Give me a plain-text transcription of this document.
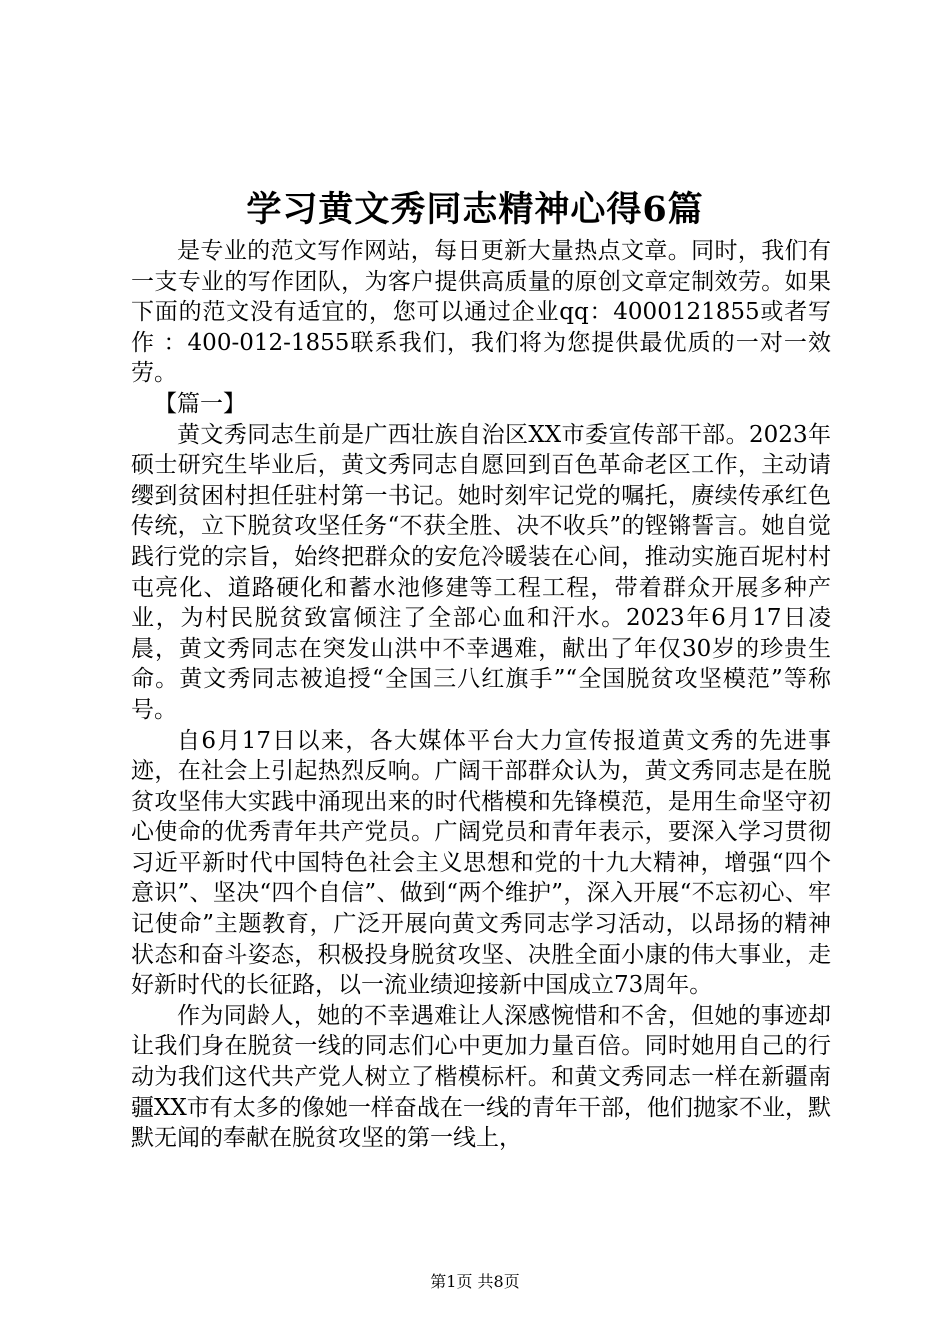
学习黄文秀同志精神心得6篇

是专业的范文写作网站，每日更新大量热点文章。同时，我们有一支专业的写作团队，为客户提供高质量的原创文章定制效劳。如果下面的范文没有适宜的，您可以通过企业qq：4000121855或者写作 ：400-012-1855联系我们，我们将为您提供最优质的一对一效劳。

【篇一】

黄文秀同志生前是广西壮族自治区XX市委宣传部干部。2023年硕士研究生毕业后，黄文秀同志自愿回到百色革命老区工作，主动请缨到贫困村担任驻村第一书记。她时刻牢记党的嘱托，赓续传承红色传统，立下脱贫攻坚任务“不获全胜、决不收兵”的铿锵誓言。她自觉践行党的宗旨，始终把群众的安危冷暖装在心间，推动实施百坭村村屯亮化、道路硬化和蓄水池修建等工程工程，带着群众开展多种产业，为村民脱贫致富倾注了全部心血和汗水。2023年6月17日凌晨，黄文秀同志在突发山洪中不幸遇难，献出了年仅30岁的珍贵生命。黄文秀同志被追授“全国三八红旗手”“全国脱贫攻坚模范”等称号。

自6月17日以来，各大媒体平台大力宣传报道黄文秀的先进事迹，在社会上引起热烈反响。广阔干部群众认为，黄文秀同志是在脱贫攻坚伟大实践中涌现出来的时代楷模和先锋模范，是用生命坚守初心使命的优秀青年共产党员。广阔党员和青年表示，要深入学习贯彻习近平新时代中国特色社会主义思想和党的十九大精神，增强“四个意识”、坚决“四个自信”、做到“两个维护”，深入开展“不忘初心、牢记使命”主题教育，广泛开展向黄文秀同志学习活动，以昂扬的精神状态和奋斗姿态，积极投身脱贫攻坚、决胜全面小康的伟大事业，走好新时代的长征路，以一流业绩迎接新中国成立73周年。

作为同龄人，她的不幸遇难让人深感惋惜和不舍，但她的事迹却让我们身在脱贫一线的同志们心中更加力量百倍。同时她用自己的行动为我们这代共产党人树立了楷模标杆。和黄文秀同志一样在新疆南疆XX市有太多的像她一样奋战在一线的青年干部，他们抛家不业，默默无闻的奉献在脱贫攻坚的第一线上，

第1页 共8页
